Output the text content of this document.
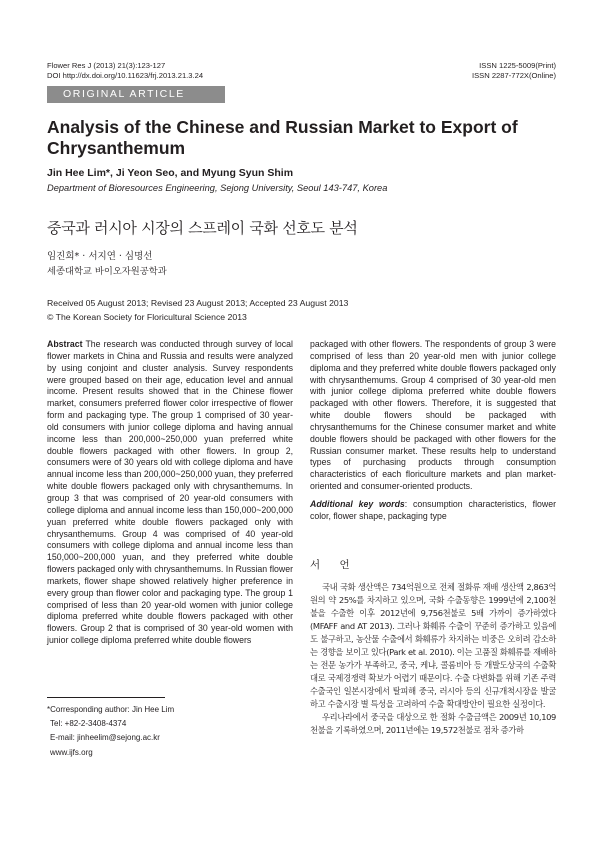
Flower Res J (2013) 21(3):123-127
DOI http://dx.doi.org/10.11623/frj.2013.21.3.24
ISSN 1225-5009(Print)
ISSN 2287-772X(Online)
ORIGINAL ARTICLE
Analysis of the Chinese and Russian Market to Export of
Chrysanthemum
Jin Hee Lim*, Ji Yeon Seo, and Myung Syun Shim
Department of Bioresources Engineering, Sejong University, Seoul 143-747, Korea
중국과 러시아 시장의 스프레이 국화 선호도 분석
임진희* · 서지연 · 심명선
세종대학교 바이오자원공학과
Received 05 August 2013; Revised 23 August 2013; Accepted 23 August 2013
© The Korean Society for Floricultural Science 2013

Abstract The research was conducted through survey of local flower markets in China and Russia and results were analyzed by using conjoint and cluster analysis. Survey respondents were grouped based on their age, education level and annual income. Present results showed that in the Chinese flower market, consumers preferred flower color irrespective of flower form and packaging type. The group 1 comprised of 30 year-old consumers with junior college diploma and having annual income less than 200,000~250,000 yuan preferred white double flowers packaged with other flowers. In group 2, consumers were of 30 years old with college diploma and have annual income less than 200,000~250,000 yuan, they preferred white double flowers packaged only with chrysanthemums. In group 3 that was comprised of 20 year-old consumers with college diploma and annual income less than 150,000~200,000 yuan preferred white double flowers packaged only with chrysanthemums. Group 4 was comprised of 40 year-old consumers with college diploma and annual income less than 150,000~200,000 yuan, and they preferred white double flowers packaged only with chrysanthemums. In Russian flower markets, flower shape showed relatively higher preference in every group than flower color and packaging type. The group 1 comprised of less than 20 year-old women with junior college diploma preferred white double flowers packaged with other flowers. Group 2 that is comprised of 30 year-old women with junior college diploma preferred white double flowers

packaged with other flowers. The respondents of group 3 were comprised of less than 20 year-old men with junior college diploma and they preferred white double flowers packaged only with chrysanthemums. Group 4 comprised of 30 year-old men with junior college diploma preferred white double flowers packaged with other flowers. Therefore, it is suggested that white double flowers should be packaged with chrysanthemums for the Chinese consumer market and white double flowers should be packaged with other flowers for the Russian consumer market. These results help to understand types of purchasing products through consumption characteristics of each floriculture markets and plan market-oriented and consumer-oriented products.

Additional key words: consumption characteristics, flower color, flower shape, packaging type

서 언

국내 국화 생산액은 734억원으로 전체 절화류 재배 생산액 2,863억원의 약 25%를 차지하고 있으며, 국화 수출동향은 1999년에 2,100천불을 수출한 이후 2012년에 9,756천불로 5배 가까이 증가하였다(MFAFF and AT 2013). 그러나 화훼류 수출이 꾸준히 증가하고 있음에도 불구하고, 농산물 수출에서 화훼류가 차지하는 비중은 오히려 감소하는 경향을 보이고 있다(Park et al. 2010). 이는 고품질 화훼류를 재배하는 전문 농가가 부족하고, 중국, 케냐, 콜롬비아 등 개발도상국의 수출확대로 국제경쟁력 확보가 어렵기 때문이다. 수출 다변화를 위해 기존 주력수출국인 일본시장에서 탈피해 중국, 러시아 등의 신규개척시장을 발굴하고 수출시장 별 특성을 고려하여 수출 확대방안이 필요한 실정이다.

우리나라에서 중국을 대상으로 한 절화 수출금액은 2009년 10,109천불을 기록하였으며, 2011년에는 19,572천불로 점차 증가하

*Corresponding author: Jin Hee Lim
Tel: +82-2-3408-4374
E-mail: jinheelim@sejong.ac.kr
www.ijfs.org
